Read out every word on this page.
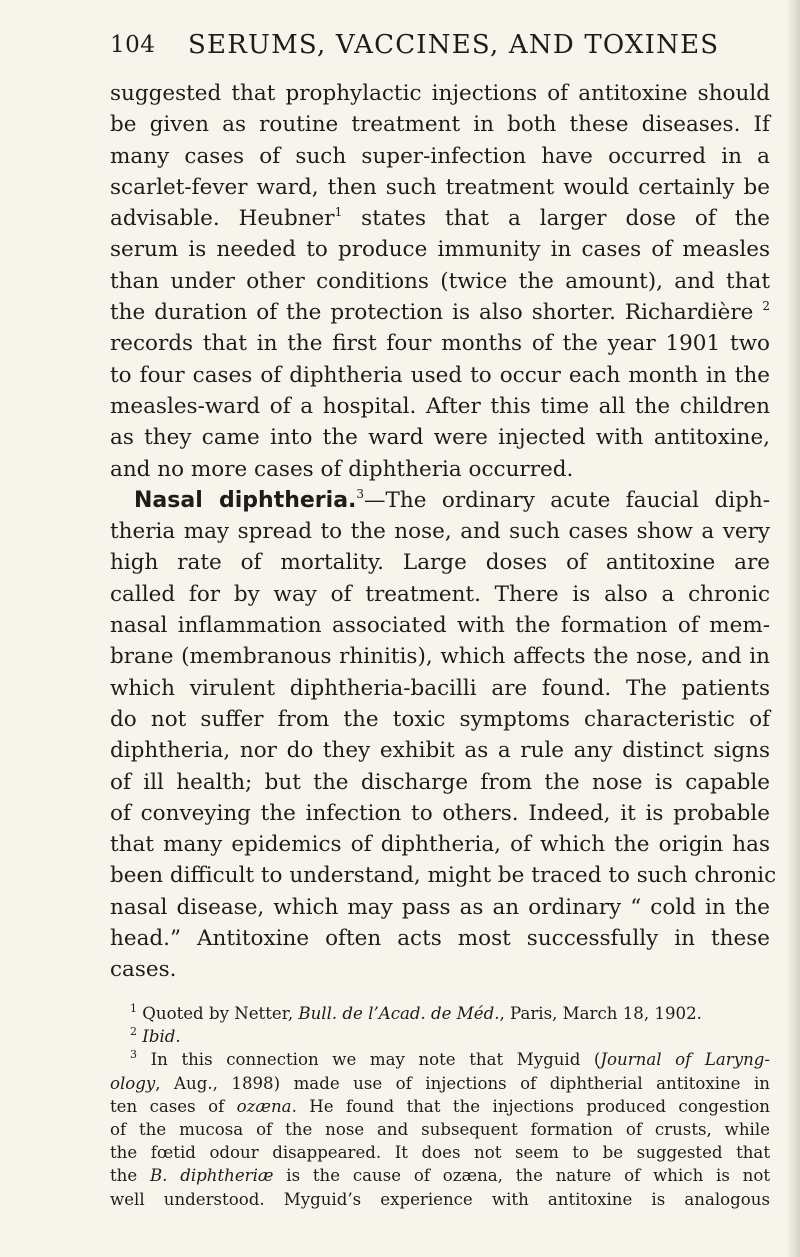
104 SERUMS, VACCINES, AND TOXINES
suggested that prophylactic injections of antitoxine should
be given as routine treatment in both these diseases. If
many cases of such super-infection have occurred in a
scarlet-fever ward, then such treatment would certainly be
advisable. Heubner$^1$ states that a larger dose of the
serum is needed to produce immunity in cases of measles
than under other conditions (twice the amount), and that
the duration of the protection is also shorter. Richardière $^2$
records that in the first four months of the year 1901 two
to four cases of diphtheria used to occur each month in the
measles-ward of a hospital. After this time all the children
as they came into the ward were injected with antitoxine,
and no more cases of diphtheria occurred.
Nasal diphtheria.$^3$—The ordinary acute faucial diph-
theria may spread to the nose, and such cases show a very
high rate of mortality. Large doses of antitoxine are
called for by way of treatment. There is also a chronic
nasal inflammation associated with the formation of mem-
brane (membranous rhinitis), which affects the nose, and in
which virulent diphtheria-bacilli are found. The patients
do not suffer from the toxic symptoms characteristic of
diphtheria, nor do they exhibit as a rule any distinct signs
of ill health; but the discharge from the nose is capable
of conveying the infection to others. Indeed, it is probable
that many epidemics of diphtheria, of which the origin has
been difficult to understand, might be traced to such chronic
nasal disease, which may pass as an ordinary “ cold in the
head.” Antitoxine often acts most successfully in these
cases.
$^1$ Quoted by Netter, Bull. de l’Acad. de Méd., Paris, March 18, 1902.
$^2$ Ibid.
$^3$ In this connection we may note that Myguid (Journal of Laryng-
ology, Aug., 1898) made use of injections of diphtherial antitoxine in
ten cases of ozæna. He found that the injections produced congestion
of the mucosa of the nose and subsequent formation of crusts, while
the fœtid odour disappeared. It does not seem to be suggested that
the B. diphtheriæ is the cause of ozæna, the nature of which is not
well understood. Myguid’s experience with antitoxine is analogous
